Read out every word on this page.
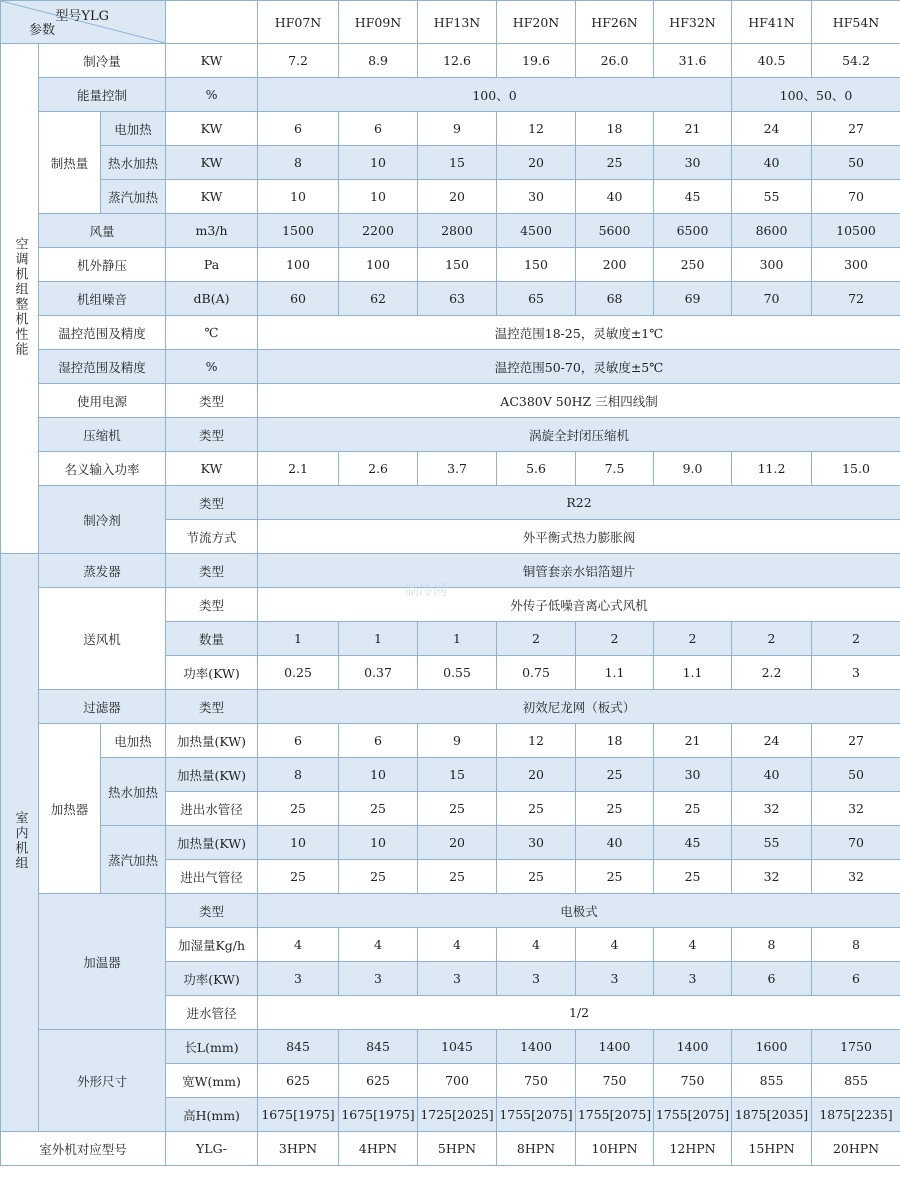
型号YLG
参数				HF07N	HF09N	HF13N	HF20N	HF26N	HF32N	HF41N	HF54N
空调机组整机性能	制冷量		KW	7.2	8.9	12.6	19.6	26.0	31.6	40.5	54.2
	能量控制		%	100、0						100、50、0	
	制热量	电加热	KW	6	6	9	12	18	21	24	27
		热水加热	KW	8	10	15	20	25	30	40	50
		蒸汽加热	KW	10	10	20	30	40	45	55	70
	风量		m3/h	1500	2200	2800	4500	5600	6500	8600	10500
	机外静压		Pa	100	100	150	150	200	250	300	300
	机组噪音		dB(A)	60	62	63	65	68	69	70	72
	温控范围及精度		℃	温控范围18-25，灵敏度±1℃							
	湿控范围及精度		%	温控范围50-70，灵敏度±5℃							
	使用电源		类型	AC380V 50HZ 三相四线制							
	压缩机		类型	涡旋全封闭压缩机							
	名义输入功率		KW	2.1	2.6	3.7	5.6	7.5	9.0	11.2	15.0
	制冷剂		类型	R22							
			节流方式	外平衡式热力膨胀阀							
室内机组	蒸发器		类型	铜管套亲水铝箔翅片							
	送风机		类型	外传子低噪音离心式风机							
			数量	1	1	1	2	2	2	2	2
			功率(KW)	0.25	0.37	0.55	0.75	1.1	1.1	2.2	3
	过滤器		类型	初效尼龙网（板式）							
	加热器	电加热	加热量(KW)	6	6	9	12	18	21	24	27
		热水加热	加热量(KW)	8	10	15	20	25	30	40	50
			进出水管径	25	25	25	25	25	25	32	32
		蒸汽加热	加热量(KW)	10	10	20	30	40	45	55	70
			进出气管径	25	25	25	25	25	25	32	32
	加温器		类型	电极式							
			加湿量Kg/h	4	4	4	4	4	4	8	8
			功率(KW)	3	3	3	3	3	3	6	6
			进水管径	1/2							
	外形尺寸		长L(mm)	845	845	1045	1400	1400	1400	1600	1750
			宽W(mm)	625	625	700	750	750	750	855	855
			高H(mm)	1675[1975]	1675[1975]	1725[2025]	1755[2075]	1755[2075]	1755[2075]	1875[2035]	1875[2235]
室外机对应型号			YLG-	3HPN	4HPN	5HPN	8HPN	10HPN	12HPN	15HPN	20HPN
制冷网
